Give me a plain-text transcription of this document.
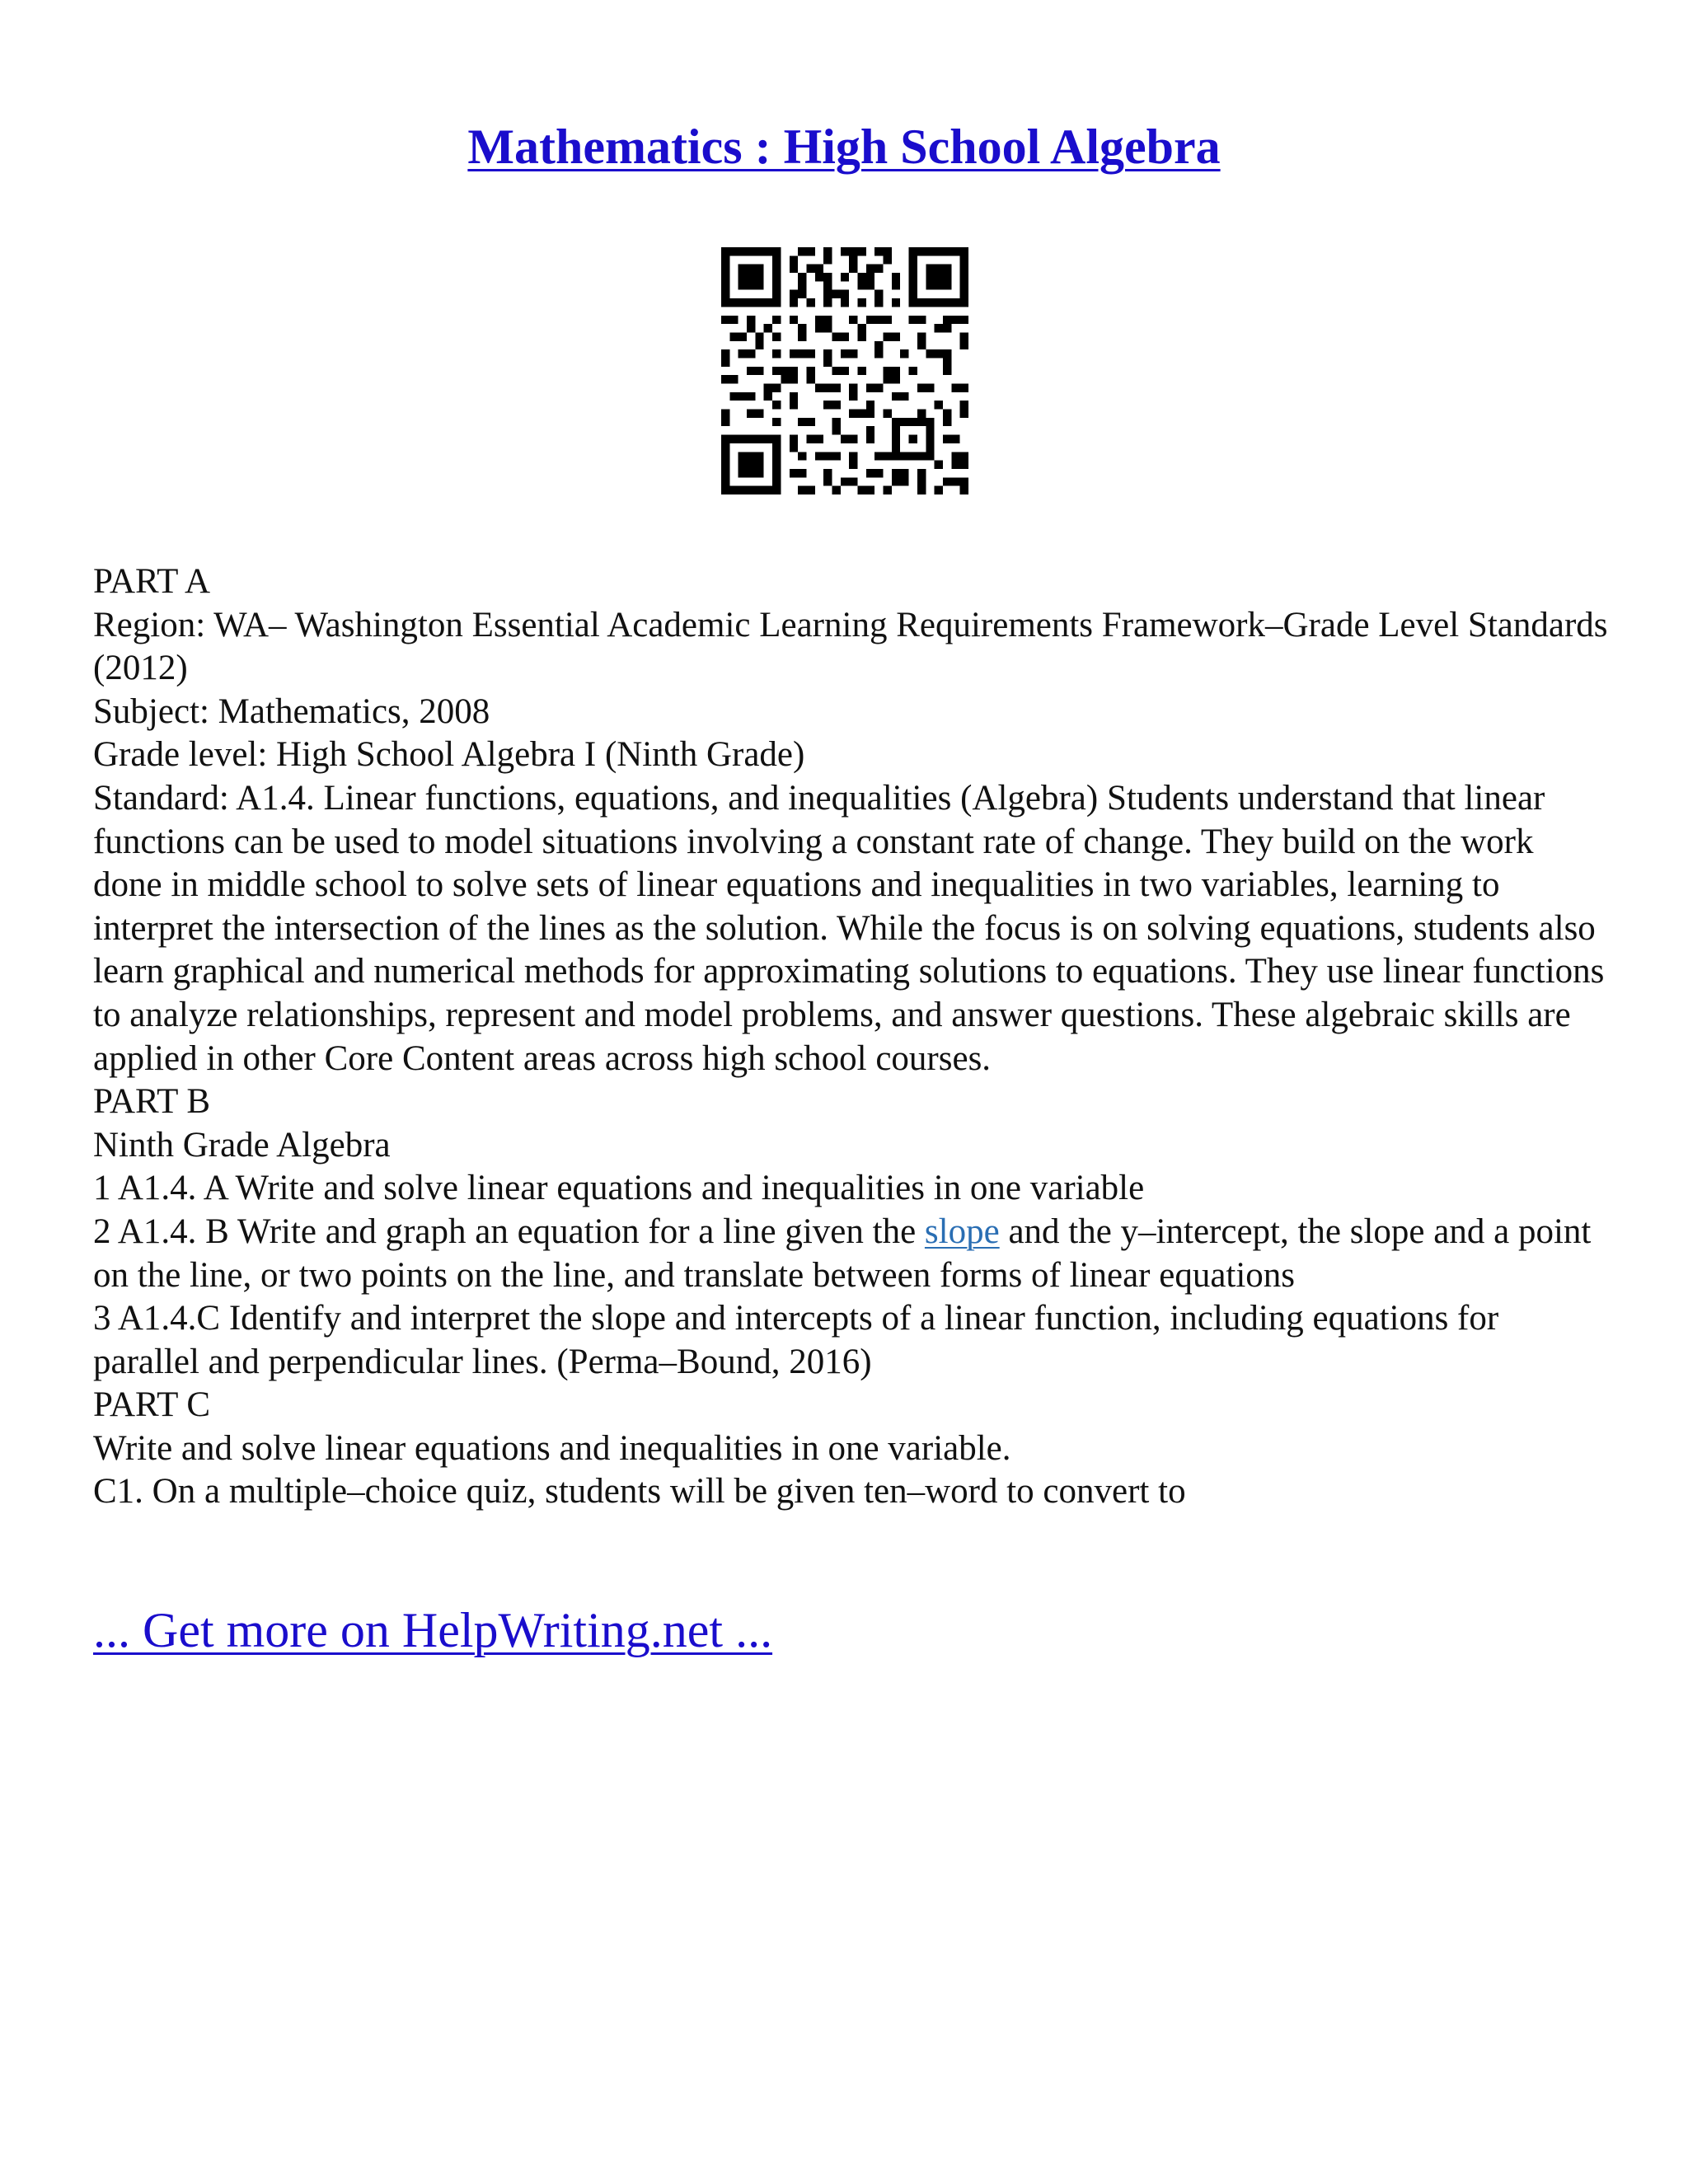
Mathematics : High School Algebra
PART A
Region: WA– Washington Essential Academic Learning Requirements Framework–Grade Level Standards (2012)
Subject: Mathematics, 2008
Grade level: High School Algebra I (Ninth Grade)
Standard: A1.4. Linear functions, equations, and inequalities (Algebra) Students understand that linear functions can be used to model situations involving a constant rate of change. They build on the work done in middle school to solve sets of linear equations and inequalities in two variables, learning to interpret the intersection of the lines as the solution. While the focus is on solving equations, students also learn graphical and numerical methods for approximating solutions to equations. They use linear functions to analyze relationships, represent and model problems, and answer questions. These algebraic skills are applied in other Core Content areas across high school courses.
PART B
Ninth Grade Algebra
1 A1.4. A Write and solve linear equations and inequalities in one variable
2 A1.4. B Write and graph an equation for a line given the slope and the y–intercept, the slope and a point on the line, or two points on the line, and translate between forms of linear equations
3 A1.4.C Identify and interpret the slope and intercepts of a linear function, including equations for parallel and perpendicular lines. (Perma–Bound, 2016)
PART C
Write and solve linear equations and inequalities in one variable.
C1. On a multiple–choice quiz, students will be given ten–word to convert to
... Get more on HelpWriting.net ...
